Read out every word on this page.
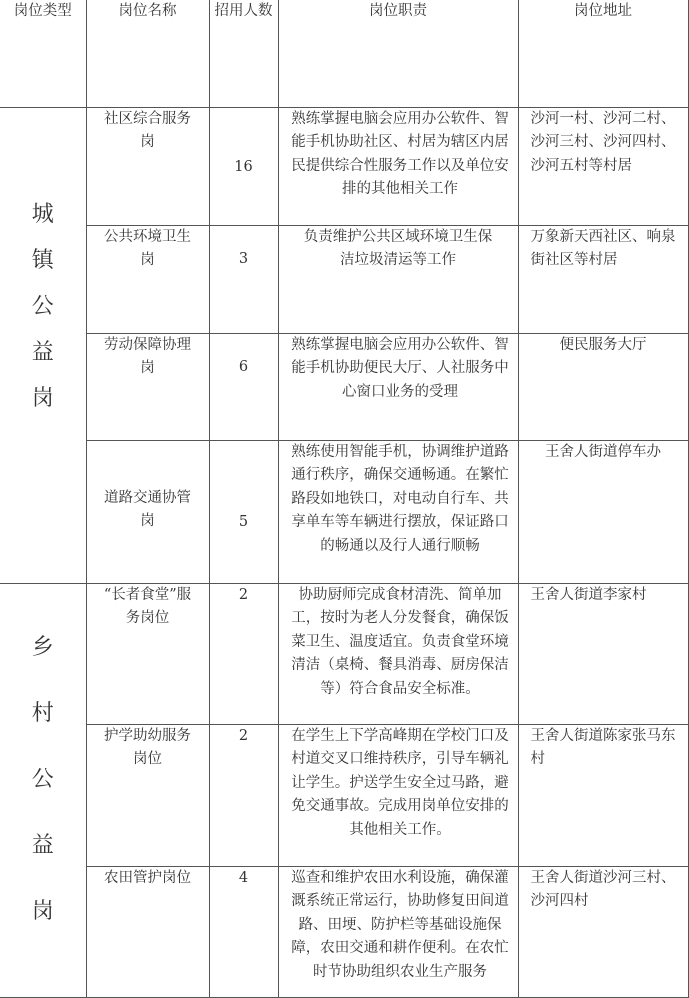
岗位类型	岗位名称	招用人数	岗位职责	岗位地址

城
镇
公
益
岗	社区综合服务岗	16	熟练掌握电脑会应用办公软件、智能手机协助社区、村居为辖区内居民提供综合性服务工作以及单位安排的其他相关工作	沙河一村、沙河二村、沙河三村、沙河四村、沙河五村等村居
	公共环境卫生岗	3	负责维护公共区域环境卫生保洁垃圾清运等工作	万象新天西社区、响泉街社区等村居
	劳动保障协理岗	6	熟练掌握电脑会应用办公软件、智能手机协助便民大厅、人社服务中心窗口业务的受理	便民服务大厅
	道路交通协管岗	5	熟练使用智能手机，协调维护道路通行秩序，确保交通畅通。在繁忙路段如地铁口，对电动自行车、共享单车等车辆进行摆放，保证路口的畅通以及行人通行顺畅	王舍人街道停车办

乡
村
公
益
岗	“长者食堂”服务岗位	2	协助厨师完成食材清洗、简单加工，按时为老人分发餐食，确保饭菜卫生、温度适宜。负责食堂环境清洁（桌椅、餐具消毒、厨房保洁等）符合食品安全标准。	王舍人街道李家村
	护学助幼服务岗位	2	在学生上下学高峰期在学校门口及村道交叉口维持秩序，引导车辆礼让学生。护送学生安全过马路，避免交通事故。完成用岗单位安排的其他相关工作。	王舍人街道陈家张马东村
	农田管护岗位	4	巡查和维护农田水利设施，确保灌溉系统正常运行，协助修复田间道路、田埂、防护栏等基础设施保障，农田交通和耕作便利。在农忙时节协助组织农业生产服务	王舍人街道沙河三村、沙河四村
